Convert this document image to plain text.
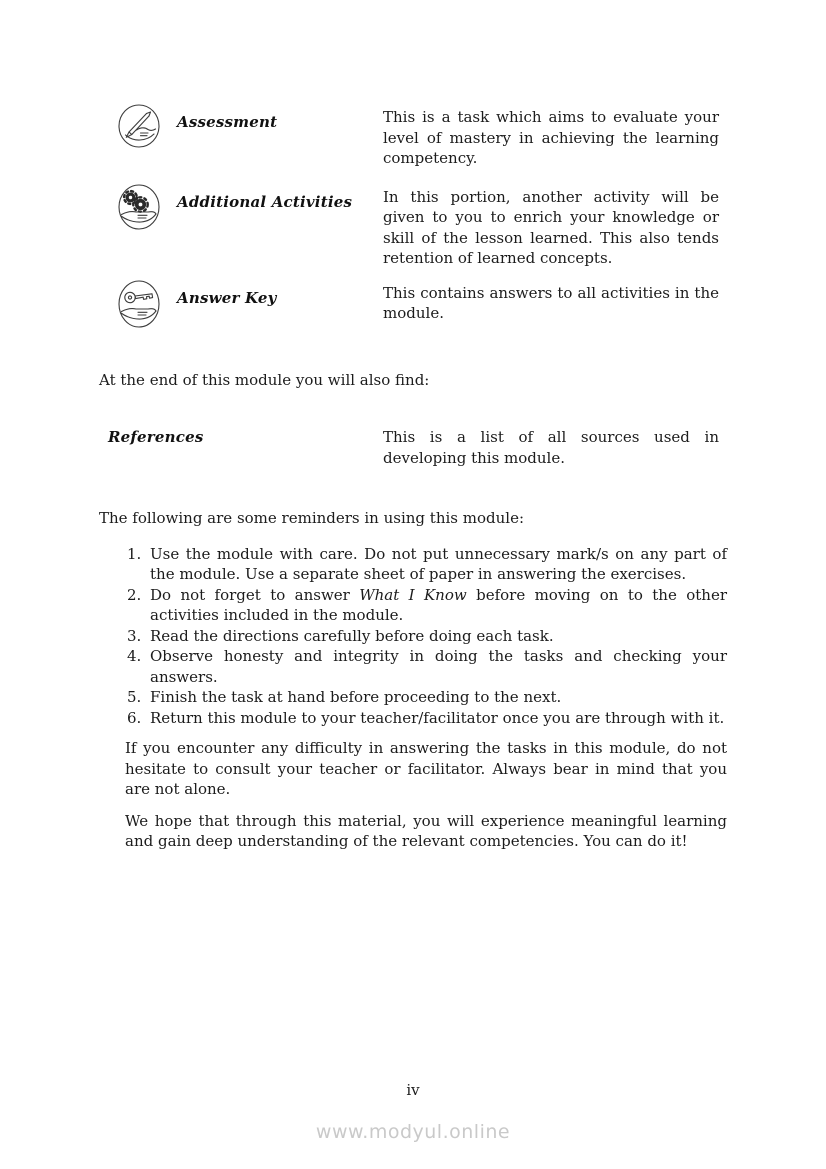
Assessment	This is a task which aims to evaluate your level of mastery in achieving the learning competency.
Additional Activities	In this portion, another activity will be given to you to enrich your knowledge or skill of the lesson learned. This also tends retention of learned concepts.
Answer Key	This contains answers to all activities in the module.
At the end of this module you will also find:
References	This is a list of all sources used in developing this module.
The following are some reminders in using this module:
1. Use the module with care. Do not put unnecessary mark/s on any part of the module. Use a separate sheet of paper in answering the exercises.
2. Do not forget to answer What I Know before moving on to the other activities included in the module.
3. Read the directions carefully before doing each task.
4. Observe honesty and integrity in doing the tasks and checking your answers.
5. Finish the task at hand before proceeding to the next.
6. Return this module to your teacher/facilitator once you are through with it.
If you encounter any difficulty in answering the tasks in this module, do not hesitate to consult your teacher or facilitator. Always bear in mind that you are not alone.
We hope that through this material, you will experience meaningful learning and gain deep understanding of the relevant competencies. You can do it!
iv
www.modyul.online
